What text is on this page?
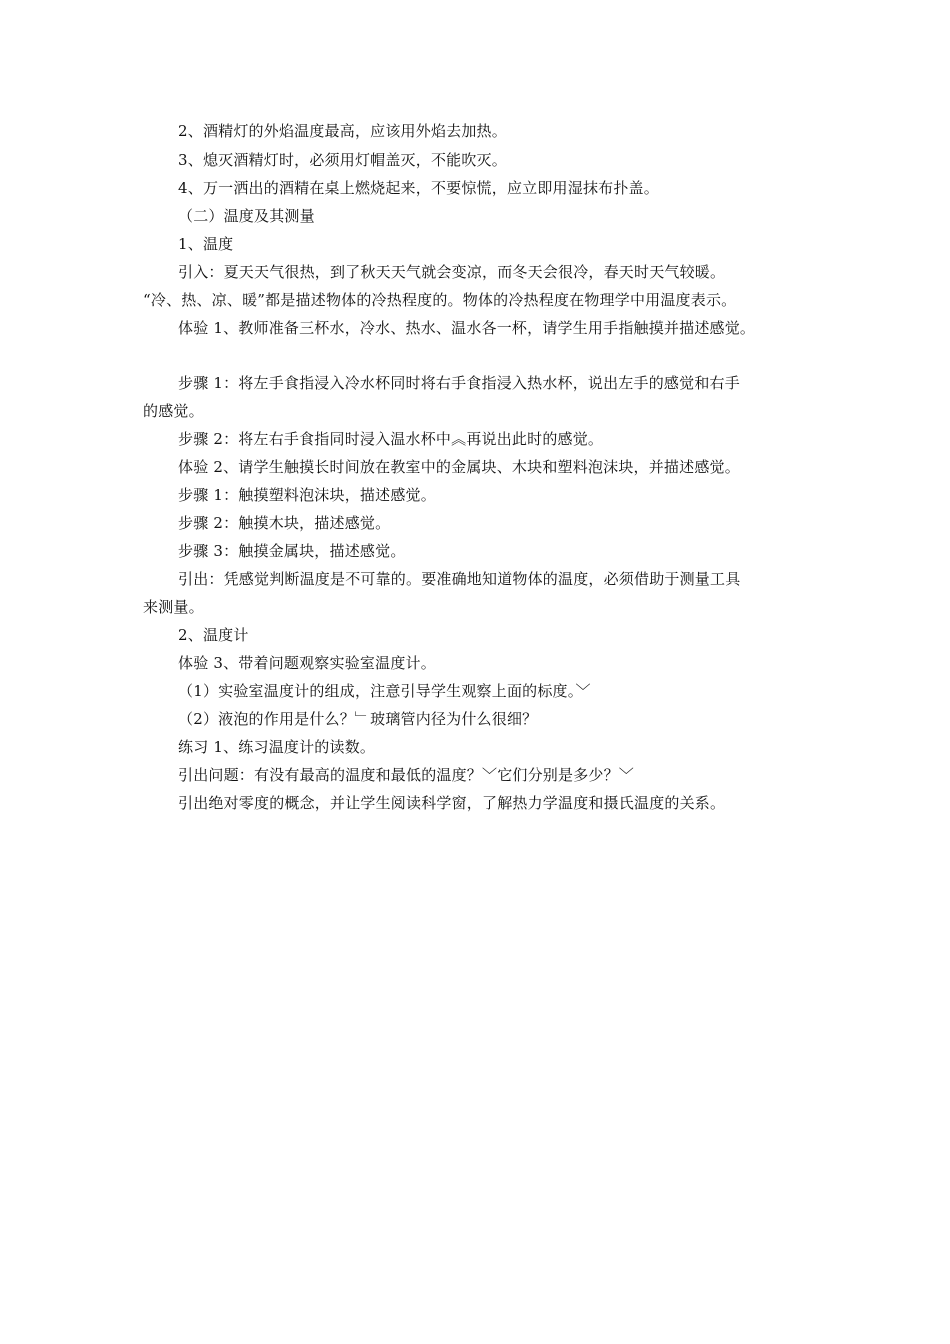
2、酒精灯的外焰温度最高，应该用外焰去加热。
3、熄灭酒精灯时，必须用灯帽盖灭，不能吹灭。
4、万一洒出的酒精在桌上燃烧起来，不要惊慌，应立即用湿抹布扑盖。
（二）温度及其测量
1、温度
引入：夏天天气很热，到了秋天天气就会变凉，而冬天会很冷，春天时天气较暖。
“冷、热、凉、暖”都是描述物体的冷热程度的。物体的冷热程度在物理学中用温度表示。
体验 1、教师准备三杯水，冷水、热水、温水各一杯，请学生用手指触摸并描述感觉。
步骤 1：将左手食指浸入冷水杯同时将右手食指浸入热水杯，说出左手的感觉和右手
的感觉。
步骤 2：将左右手食指同时浸入温水杯中︽再说出此时的感觉。
体验 2、请学生触摸长时间放在教室中的金属块、木块和塑料泡沫块，并描述感觉。
步骤 1：触摸塑料泡沫块，描述感觉。
步骤 2：触摸木块，描述感觉。
步骤 3：触摸金属块，描述感觉。
引出：凭感觉判断温度是不可靠的。要准确地知道物体的温度，必须借助于测量工具
来测量。
2、温度计
体验 3、带着问题观察实验室温度计。
（1）实验室温度计的组成，注意引导学生观察上面的标度。﹀
（2）液泡的作用是什么？﹂玻璃管内径为什么很细？
练习 1、练习温度计的读数。
引出问题：有没有最高的温度和最低的温度？﹀它们分别是多少？﹀
引出绝对零度的概念，并让学生阅读科学窗，了解热力学温度和摄氏温度的关系。
